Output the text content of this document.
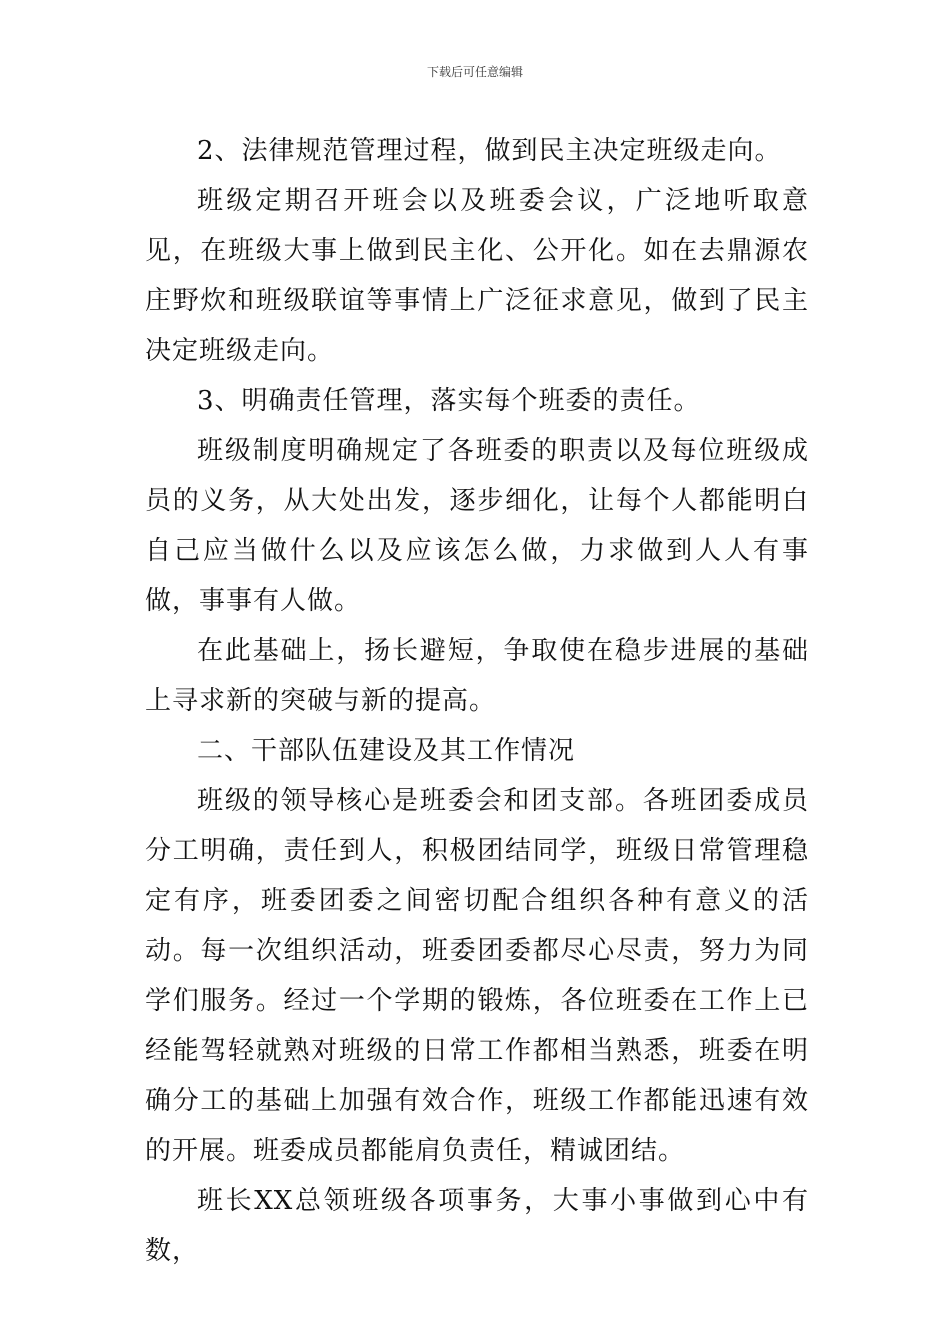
下载后可任意编辑

2、法律规范管理过程，做到民主决定班级走向。

班级定期召开班会以及班委会议，广泛地听取意见，在班级大事上做到民主化、公开化。如在去鼎源农庄野炊和班级联谊等事情上广泛征求意见，做到了民主决定班级走向。

3、明确责任管理，落实每个班委的责任。

班级制度明确规定了各班委的职责以及每位班级成员的义务，从大处出发，逐步细化，让每个人都能明白自己应当做什么以及应该怎么做，力求做到人人有事做，事事有人做。

在此基础上，扬长避短，争取使在稳步进展的基础上寻求新的突破与新的提高。

二、干部队伍建设及其工作情况

班级的领导核心是班委会和团支部。各班团委成员分工明确，责任到人，积极团结同学，班级日常管理稳定有序，班委团委之间密切配合组织各种有意义的活动。每一次组织活动，班委团委都尽心尽责，努力为同学们服务。经过一个学期的锻炼，各位班委在工作上已经能驾轻就熟对班级的日常工作都相当熟悉，班委在明确分工的基础上加强有效合作，班级工作都能迅速有效的开展。班委成员都能肩负责任，精诚团结。

班长XX总领班级各项事务，大事小事做到心中有数，
